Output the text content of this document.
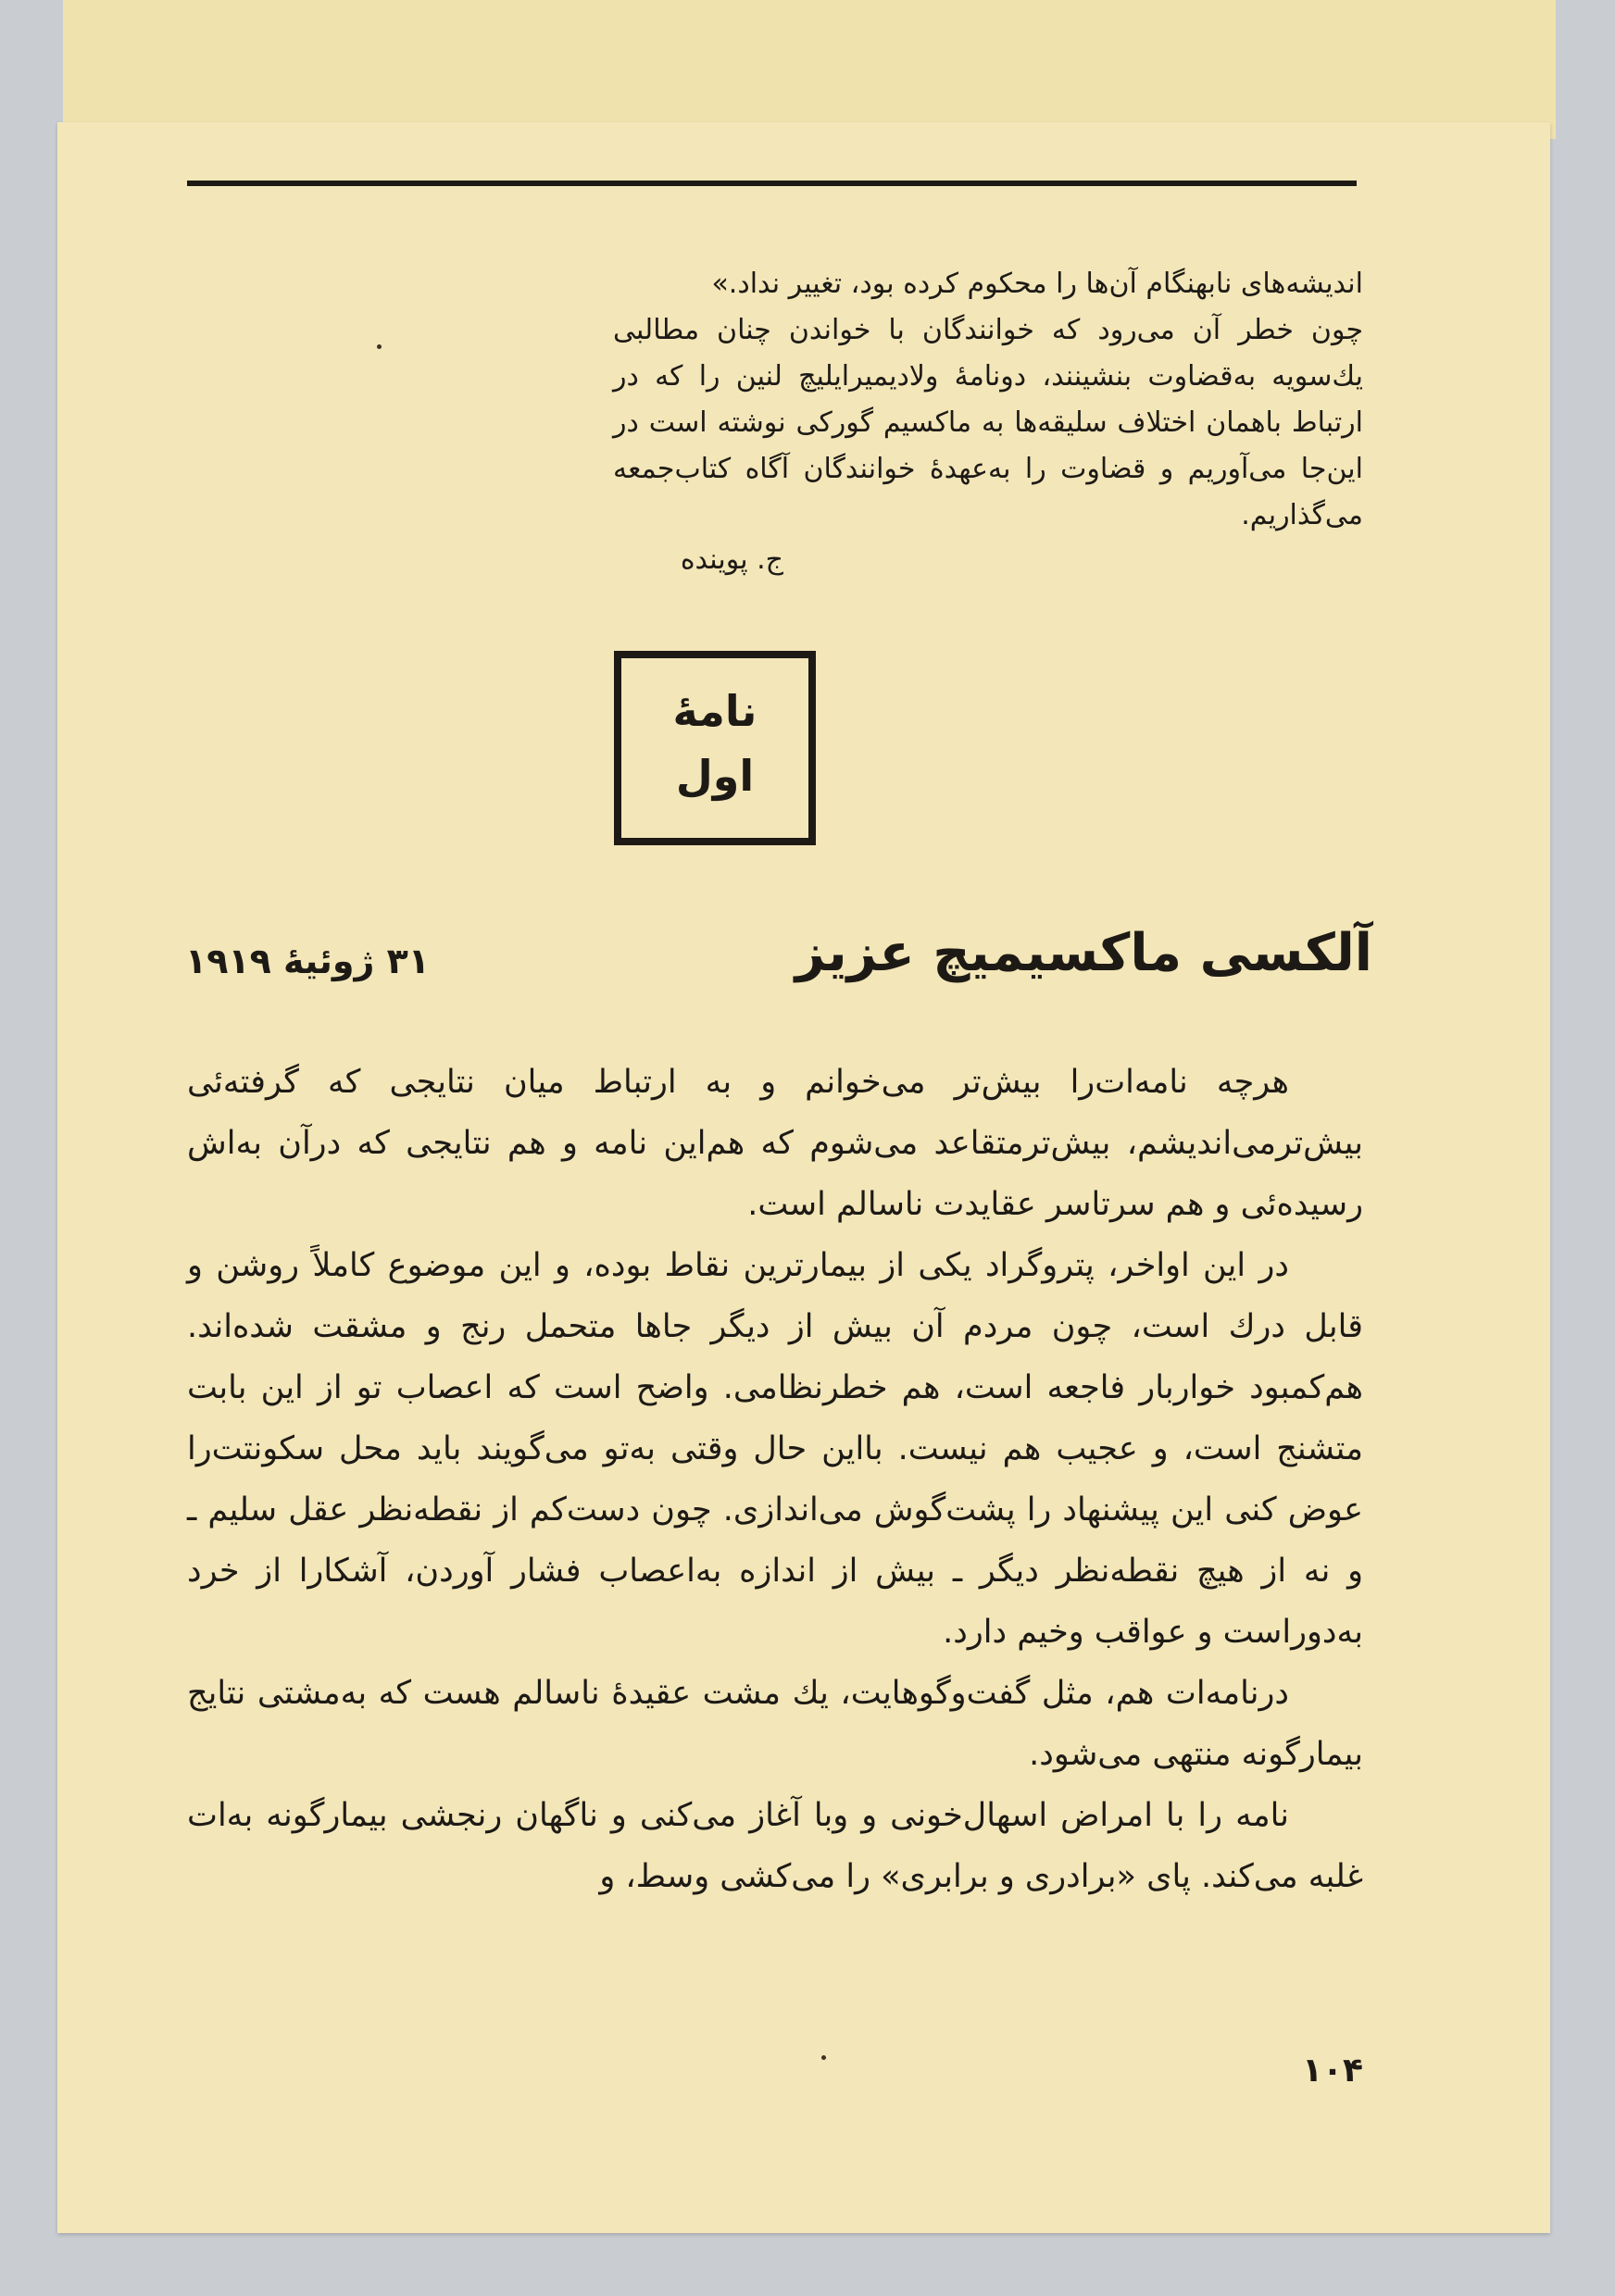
اندیشه‌های نابهنگام آن‌ها را محکوم کرده بود، تغییر نداد.»

چون خطر آن می‌رود که خوانندگان با خواندن چنان مطالبی یك‌سویه به‌قضاوت بنشینند، دونامهٔ ولادیمیرایلیچ لنین را که در ارتباط باهمان اختلاف سلیقه‌ها به ماکسیم گورکی نوشته است در این‌جا می‌آوریم و قضاوت را به‌عهدهٔ خوانندگان آگاه کتاب‌جمعه می‌گذاریم.

ج. پوینده
نامهٔ
اول
آلکسی ماکسیمیچ عزیز
۳۱ ژوئیهٔ ۱۹۱۹

هرچه نامه‌ات‌را بیش‌تر می‌خوانم و به ارتباط میان نتایجی که گرفته‌ئی بیش‌ترمی‌اندیشم، بیش‌ترمتقاعد می‌شوم که هم‌این نامه و هم نتایجی که درآن به‌اش رسیده‌ئی و هم سرتاسر عقایدت ناسالم است.

در این اواخر، پتروگراد یکی از بیمارترین نقاط بوده، و این موضوع کاملاً روشن و قابل درك است، چون مردم آن بیش از دیگر جاها متحمل رنج و مشقت شده‌اند. هم‌کمبود خواربار فاجعه است، هم خطرنظامی. واضح است که اعصاب تو از این بابت متشنج است، و عجیب هم نیست. بااین حال وقتی به‌تو می‌گویند باید محل سکونتت‌را عوض کنی این پیشنهاد را پشت‌گوش می‌اندازی. چون دست‌کم از نقطه‌نظر عقل سلیم ـ و نه از هیچ نقطه‌نظر دیگر ـ بیش از اندازه به‌اعصاب فشار آوردن، آشکارا از خرد به‌دوراست و عواقب وخیم دارد.

درنامه‌ات هم، مثل گفت‌وگوهایت، یك مشت عقیدهٔ ناسالم هست که به‌مشتی نتایج بیمارگونه منتهی می‌شود.

نامه را با امراض اسهال‌خونی و وبا آغاز می‌کنی و ناگهان رنجشی بیمارگونه به‌ات غلبه می‌کند. پای «برادری و برابری» را می‌کشی وسط، و

۱۰۴
